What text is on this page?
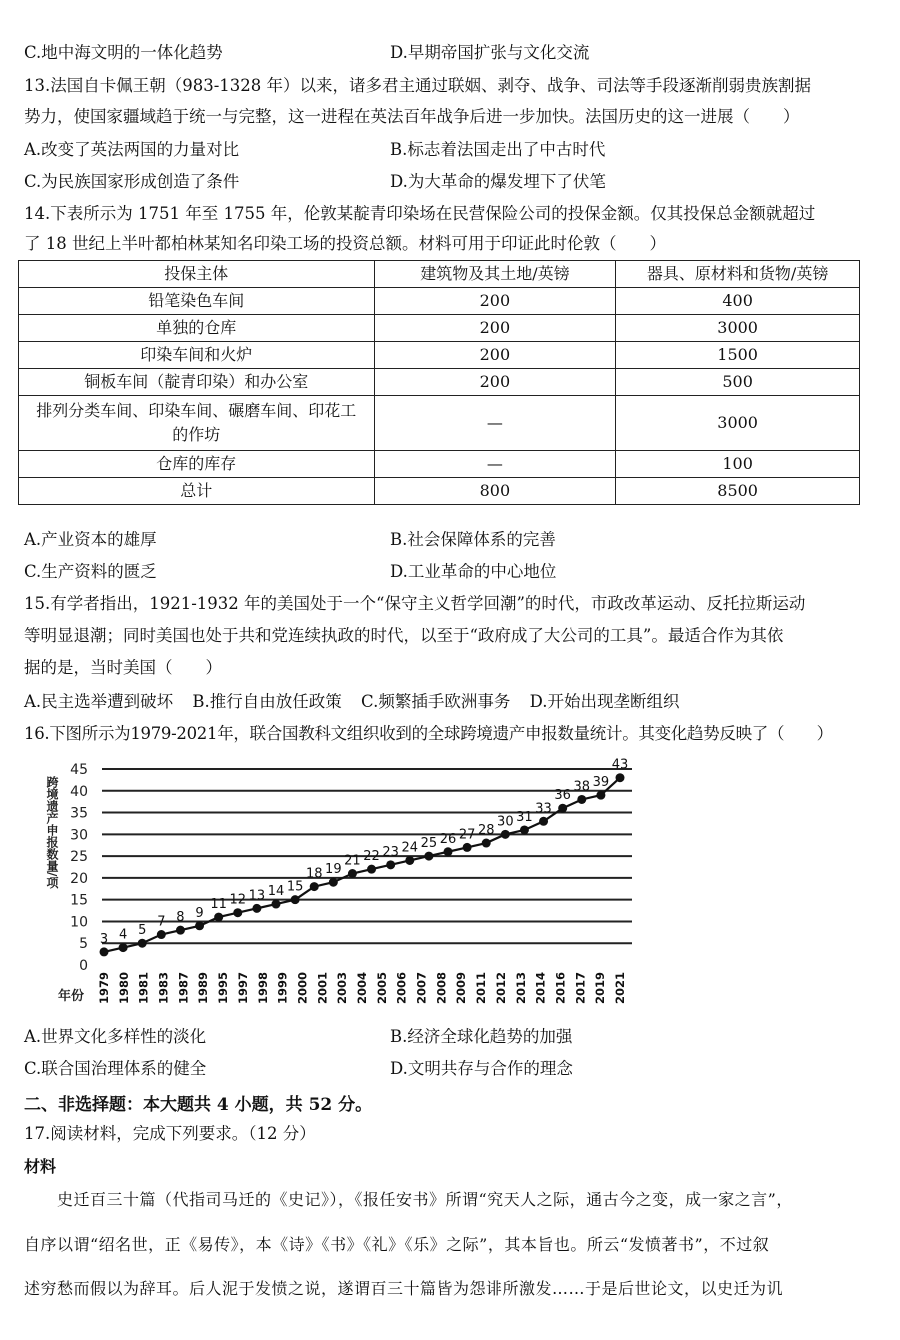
C.地中海文明的一体化趋势	D.早期帝国扩张与文化交流
13.法国自卡佩王朝（983-1328 年）以来，诸多君主通过联姻、剥夺、战争、司法等手段逐渐削弱贵族割据
势力，使国家疆域趋于统一与完整，这一进程在英法百年战争后进一步加快。法国历史的这一进展（　　）
A.改变了英法两国的力量对比	B.标志着法国走出了中古时代
C.为民族国家形成创造了条件	D.为大革命的爆发埋下了伏笔
14.下表所示为 1751 年至 1755 年，伦敦某靛青印染场在民营保险公司的投保金额。仅其投保总金额就超过
了 18 世纪上半叶都柏林某知名印染工场的投资总额。材料可用于印证此时伦敦（　　）
投保主体	建筑物及其土地/英镑	器具、原材料和货物/英镑
铅笔染色车间	200	400
单独的仓库	200	3000
印染车间和火炉	200	1500
铜板车间（靛青印染）和办公室	200	500

排列分类车间、印染车间、碾磨车间、印花工
的作坊	—	3000
仓库的库存	—	100
总计	800	8500
A.产业资本的雄厚	B.社会保障体系的完善
C.生产资料的匮乏	D.工业革命的中心地位
15.有学者指出，1921-1932 年的美国处于一个“保守主义哲学回潮”的时代，市政改革运动、反托拉斯运动
等明显退潮；同时美国也处于共和党连续执政的时代，以至于“政府成了大公司的工具”。最适合作为其依
据的是，当时美国（　　）
A.民主选举遭到破坏 B.推行自由放任政策 C.频繁插手欧洲事务 D.开始出现垄断组织
16.下图所示为1979-2021年，联合国教科文组织收到的全球跨境遗产申报数量统计。其变化趋势反映了（　　）
0
5
10
15
20
25
30
35
40
45
跨境遗产申报数量/项
年份
3 4 5
7 8 9
11 12 13 14 15
18 19
21 22 23 24 25 26 27 28
30 31
33
36
38 39
43
1979 1980 1981 1983 1987 1989 1995 1997 1998 1999 2000 2001 2003 2004 2005 2006 2007 2008 2009 2011 2012 2013 2014 2016 2017 2019 2021
A.世界文化多样性的淡化	B.经济全球化趋势的加强
C.联合国治理体系的健全	D.文明共存与合作的理念
二、非选择题：本大题共 4 小题，共 52 分。
17.阅读材料，完成下列要求。（12 分）
材料
　　史迁百三十篇（代指司马迁的《史记》），《报任安书》所谓“究天人之际，通古今之变，成一家之言”，
自序以谓“绍名世，正《易传》，本《诗》《书》《礼》《乐》之际”，其本旨也。所云“发愤著书”，不过叙
述穷愁而假以为辞耳。后人泥于发愤之说，遂谓百三十篇皆为怨诽所激发……于是后世论文，以史迁为讥
